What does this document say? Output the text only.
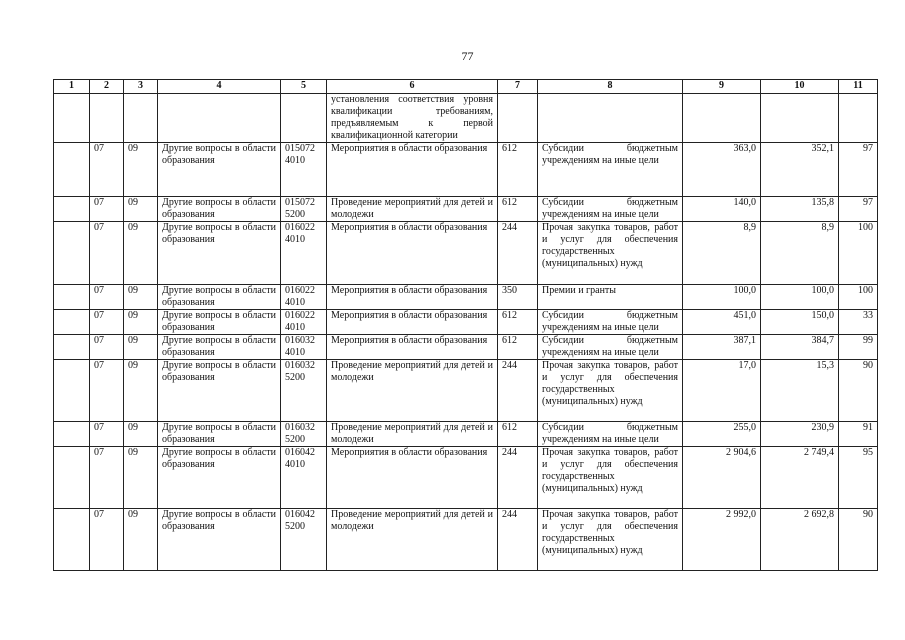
77
1	2	3	4	5	6	7	8	9	10	11
					установления соответствия уровня квалификации требованиям, предъявляемым к первой квалификационной категории					
	07	09	Другие вопросы в области образования	015072 4010	Мероприятия в области образования	612	Субсидии бюджетным учреждениям на иные цели	363,0	352,1	97
	07	09	Другие вопросы в области образования	015072 5200	Проведение мероприятий для детей и молодежи	612	Субсидии бюджетным учреждениям на иные цели	140,0	135,8	97
	07	09	Другие вопросы в области образования	016022 4010	Мероприятия в области образования	244	Прочая закупка товаров, работ и услуг для обеспечения государственных (муниципальных) нужд	8,9	8,9	100
	07	09	Другие вопросы в области образования	016022 4010	Мероприятия в области образования	350	Премии и гранты	100,0	100,0	100
	07	09	Другие вопросы в области образования	016022 4010	Мероприятия в области образования	612	Субсидии бюджетным учреждениям на иные цели	451,0	150,0	33
	07	09	Другие вопросы в области образования	016032 4010	Мероприятия в области образования	612	Субсидии бюджетным учреждениям на иные цели	387,1	384,7	99
	07	09	Другие вопросы в области образования	016032 5200	Проведение мероприятий для детей и молодежи	244	Прочая закупка товаров, работ и услуг для обеспечения государственных (муниципальных) нужд	17,0	15,3	90
	07	09	Другие вопросы в области образования	016032 5200	Проведение мероприятий для детей и молодежи	612	Субсидии бюджетным учреждениям на иные цели	255,0	230,9	91
	07	09	Другие вопросы в области образования	016042 4010	Мероприятия в области образования	244	Прочая закупка товаров, работ и услуг для обеспечения государственных (муниципальных) нужд	2 904,6	2 749,4	95
	07	09	Другие вопросы в области образования	016042 5200	Проведение мероприятий для детей и молодежи	244	Прочая закупка товаров, работ и услуг для обеспечения государственных (муниципальных) нужд	2 992,0	2 692,8	90
